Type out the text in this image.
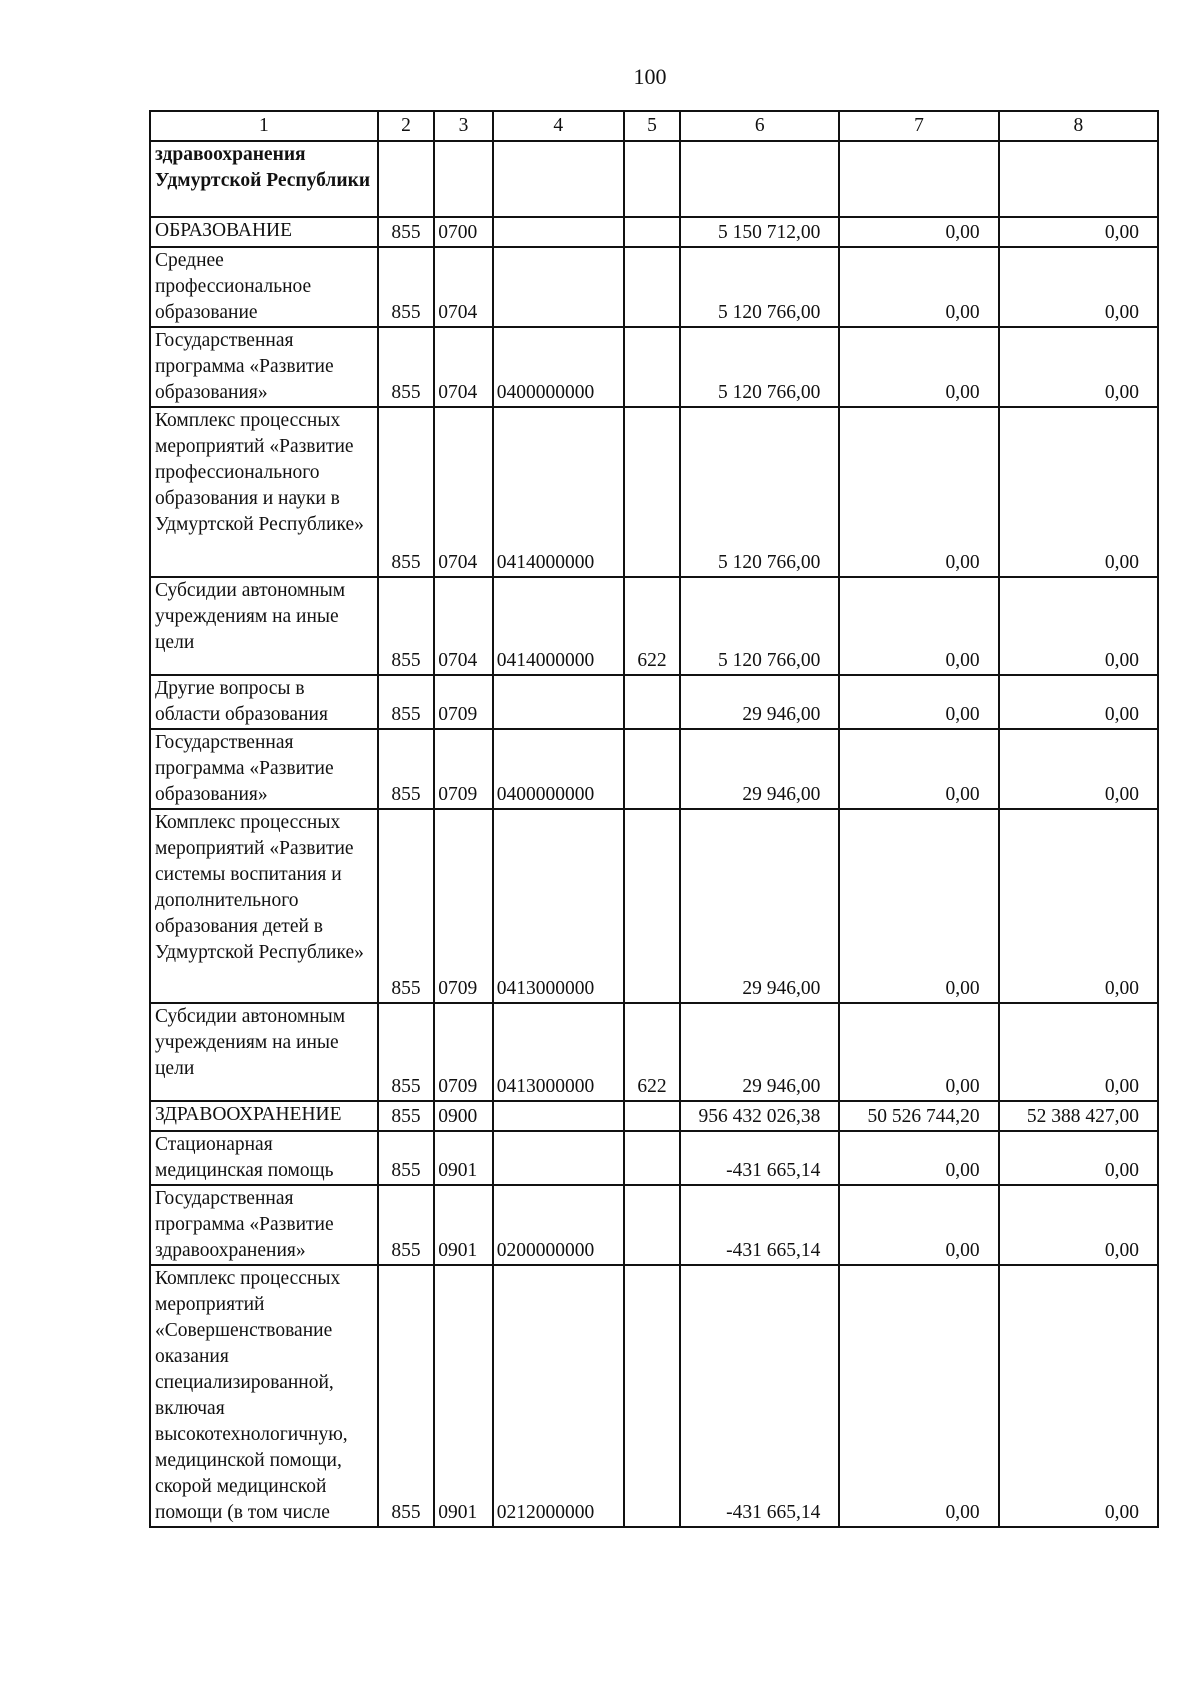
100
1	2	3	4	5	6	7	8
здравоохранения Удмуртской Республики							
ОБРАЗОВАНИЕ	855	0700			5 150 712,00	0,00	0,00
Среднее профессиональное образование	855	0704			5 120 766,00	0,00	0,00
Государственная программа «Развитие образования»	855	0704	0400000000		5 120 766,00	0,00	0,00
Комплекс процессных мероприятий «Развитие профессионального образования и науки в Удмуртской Республике»	855	0704	0414000000		5 120 766,00	0,00	0,00
Субсидии автономным учреждениям на иные цели	855	0704	0414000000	622	5 120 766,00	0,00	0,00
Другие вопросы в области образования	855	0709			29 946,00	0,00	0,00
Государственная программа «Развитие образования»	855	0709	0400000000		29 946,00	0,00	0,00
Комплекс процессных мероприятий «Развитие системы воспитания и дополнительного образования детей в Удмуртской Республике»	855	0709	0413000000		29 946,00	0,00	0,00
Субсидии автономным учреждениям на иные цели	855	0709	0413000000	622	29 946,00	0,00	0,00
ЗДРАВООХРАНЕНИЕ	855	0900			956 432 026,38	50 526 744,20	52 388 427,00
Стационарная медицинская помощь	855	0901			-431 665,14	0,00	0,00
Государственная программа «Развитие здравоохранения»	855	0901	0200000000		-431 665,14	0,00	0,00
Комплекс процессных мероприятий «Совершенствование оказания специализированной, включая высокотехнологичную, медицинской помощи, скорой медицинской помощи (в том числе	855	0901	0212000000		-431 665,14	0,00	0,00
